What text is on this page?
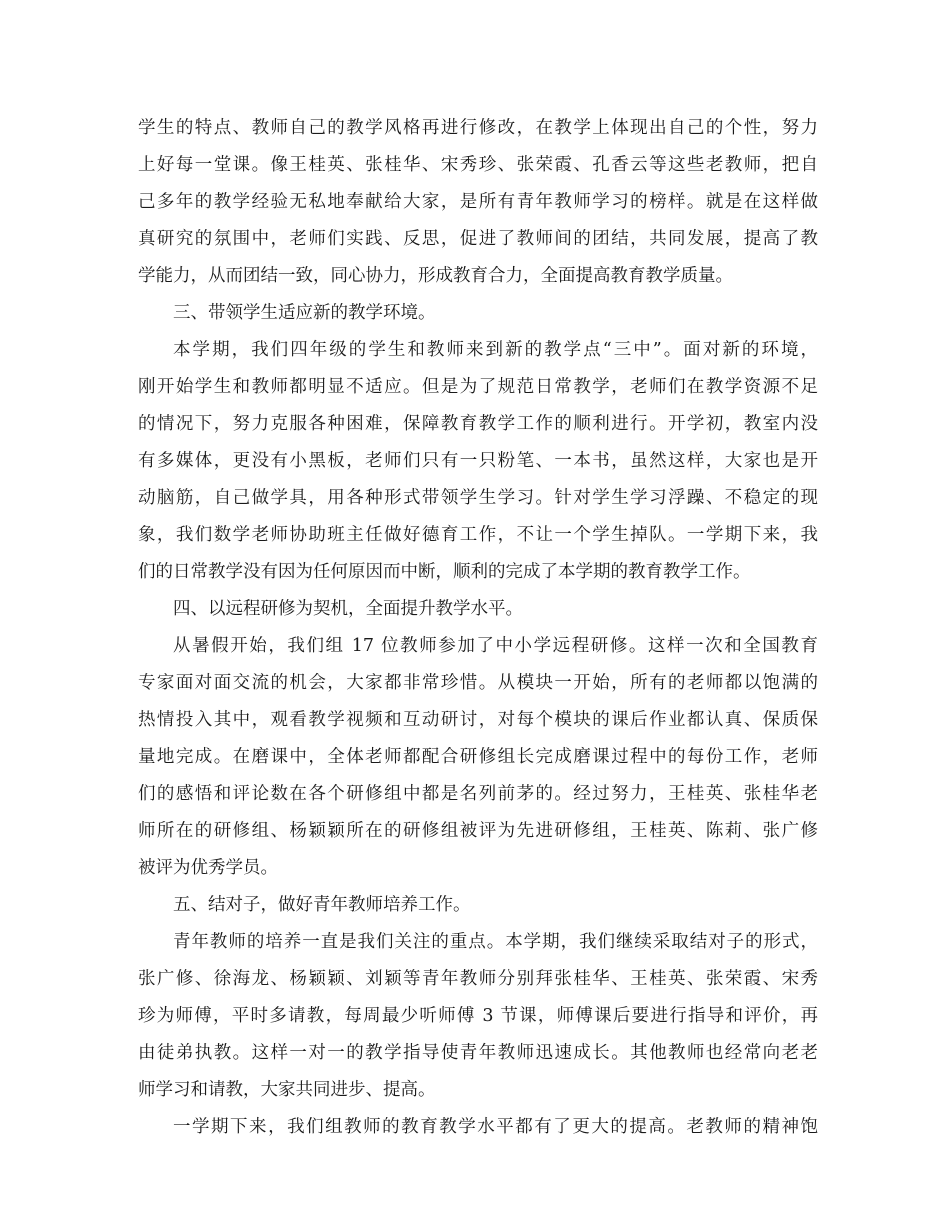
学生的特点、教师自己的教学风格再进行修改，在教学上体现出自己的个性，努力
上好每一堂课。像王桂英、张桂华、宋秀珍、张荣霞、孔香云等这些老教师，把自
己多年的教学经验无私地奉献给大家，是所有青年教师学习的榜样。就是在这样做
真研究的氛围中，老师们实践、反思，促进了教师间的团结，共同发展，提高了教
学能力，从而团结一致，同心协力，形成教育合力，全面提高教育教学质量。
三、带领学生适应新的教学环境。
本学期，我们四年级的学生和教师来到新的教学点“三中”。面对新的环境，
刚开始学生和教师都明显不适应。但是为了规范日常教学，老师们在教学资源不足
的情况下，努力克服各种困难，保障教育教学工作的顺利进行。开学初，教室内没
有多媒体，更没有小黑板，老师们只有一只粉笔、一本书，虽然这样，大家也是开
动脑筋，自己做学具，用各种形式带领学生学习。针对学生学习浮躁、不稳定的现
象，我们数学老师协助班主任做好德育工作，不让一个学生掉队。一学期下来，我
们的日常教学没有因为任何原因而中断，顺利的完成了本学期的教育教学工作。
四、以远程研修为契机，全面提升教学水平。
从暑假开始，我们组 17 位教师参加了中小学远程研修。这样一次和全国教育
专家面对面交流的机会，大家都非常珍惜。从模块一开始，所有的老师都以饱满的
热情投入其中，观看教学视频和互动研讨，对每个模块的课后作业都认真、保质保
量地完成。在磨课中，全体老师都配合研修组长完成磨课过程中的每份工作，老师
们的感悟和评论数在各个研修组中都是名列前茅的。经过努力，王桂英、张桂华老
师所在的研修组、杨颖颖所在的研修组被评为先进研修组，王桂英、陈莉、张广修
被评为优秀学员。
五、结对子，做好青年教师培养工作。
青年教师的培养一直是我们关注的重点。本学期，我们继续采取结对子的形式，
张广修、徐海龙、杨颖颖、刘颖等青年教师分别拜张桂华、王桂英、张荣霞、宋秀
珍为师傅，平时多请教，每周最少听师傅 3 节课，师傅课后要进行指导和评价，再
由徒弟执教。这样一对一的教学指导使青年教师迅速成长。其他教师也经常向老老
师学习和请教，大家共同进步、提高。
一学期下来，我们组教师的教育教学水平都有了更大的提高。老教师的精神饱
